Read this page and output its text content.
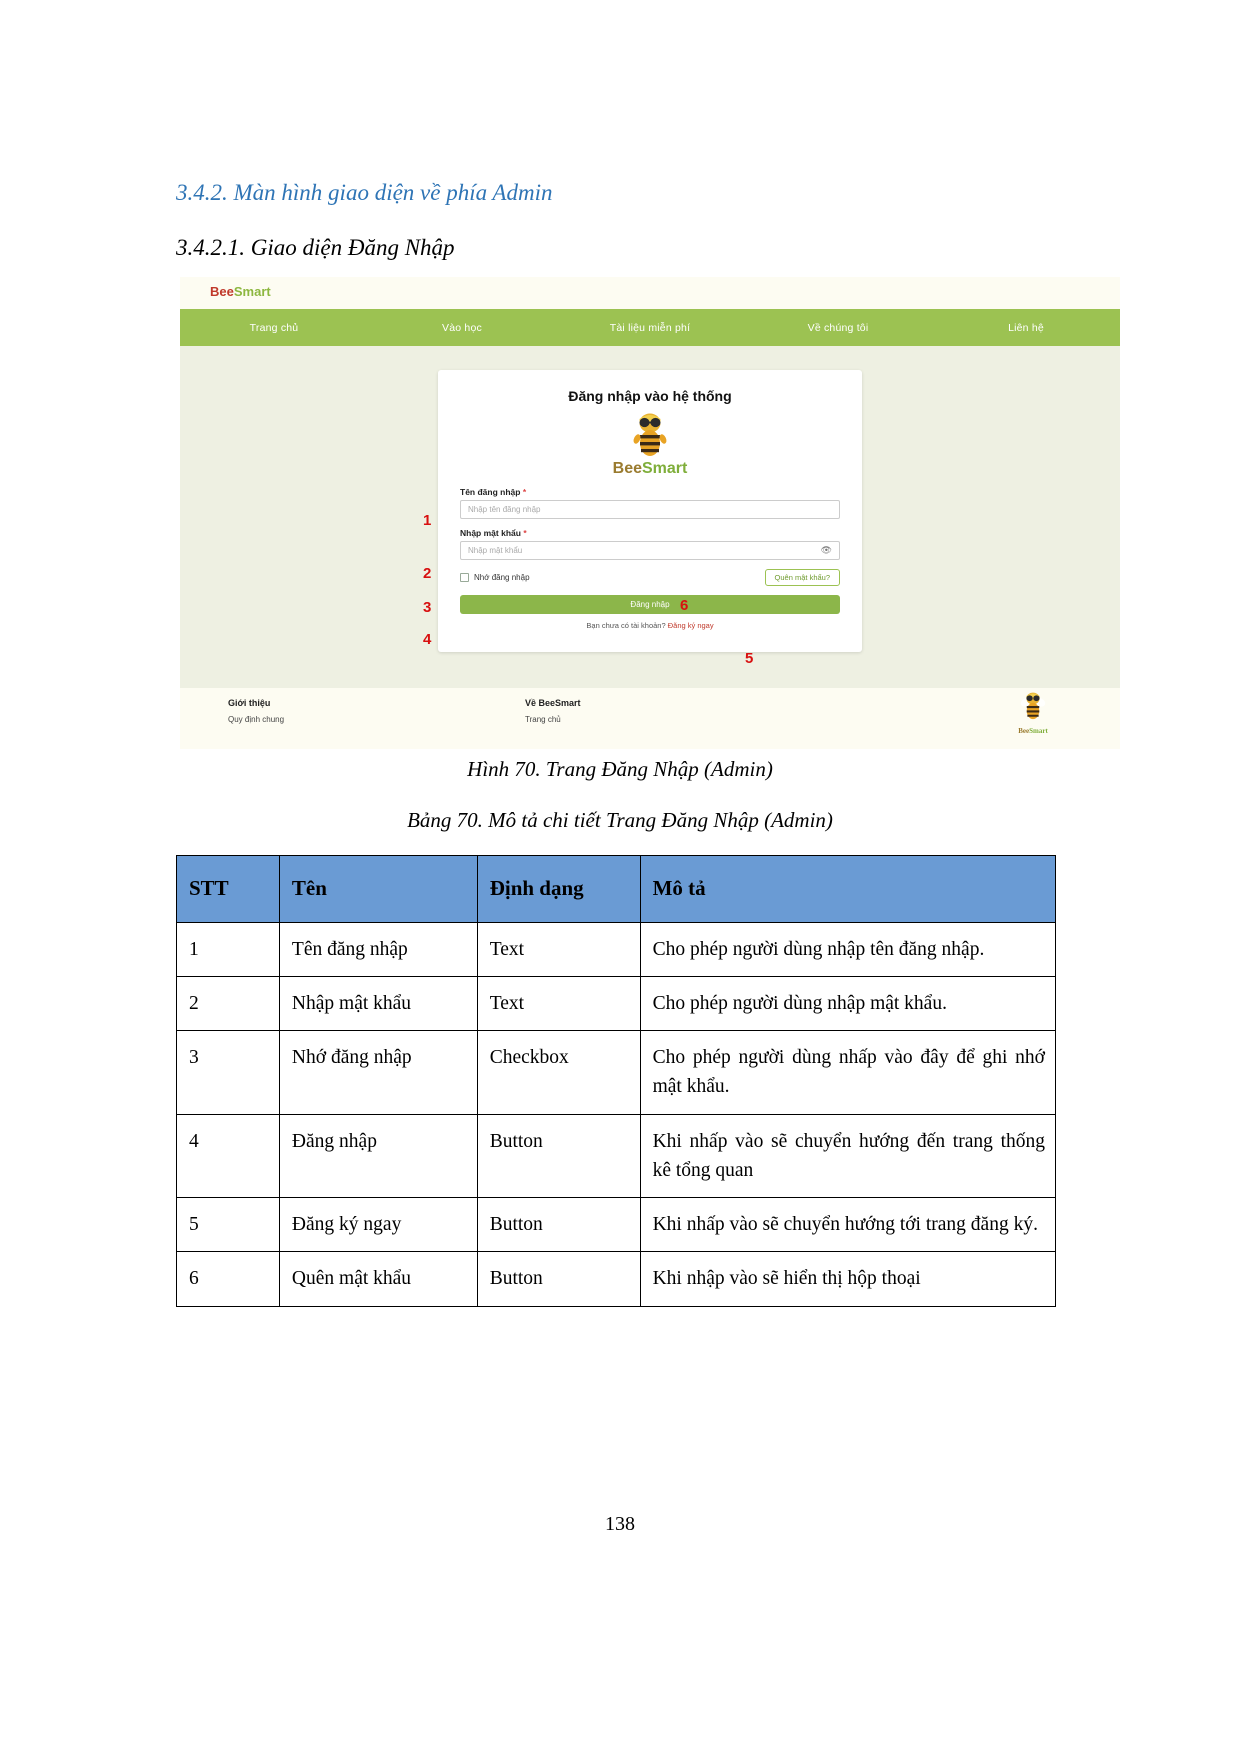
3.4.2. Màn hình giao diện về phía Admin
3.4.2.1. Giao diện Đăng Nhập
BeeSmart
Trang chủ	Vào học	Tài liệu miễn phí	Về chúng tôi	Liên hệ
Đăng nhập vào hệ thống
BeeSmart
Tên đăng nhập *
Nhập tên đăng nhập
Nhập mật khẩu *
Nhập mật khẩu	👁
Nhớ đăng nhập	Quên mật khẩu?
Đăng nhập
Bạn chưa có tài khoản? Đăng ký ngay
1
2
3
4
5
6
Giới thiệu
Quy định chung
Về BeeSmart
Trang chủ
BeeSmart
Hình 70. Trang Đăng Nhập (Admin)
Bảng 70. Mô tả chi tiết Trang Đăng Nhập (Admin)
STT	Tên	Định dạng	Mô tả
1	Tên đăng nhập	Text	Cho phép người dùng nhập tên đăng nhập.
2	Nhập mật khẩu	Text	Cho phép người dùng nhập mật khẩu.
3	Nhớ đăng nhập	Checkbox	Cho phép người dùng nhấp vào đây để ghi nhớ mật khẩu.
4	Đăng nhập	Button	Khi nhấp vào sẽ chuyển hướng đến trang thống kê tổng quan
5	Đăng ký ngay	Button	Khi nhấp vào sẽ chuyển hướng tới trang đăng ký.
6	Quên mật khẩu	Button	Khi nhập vào sẽ hiển thị hộp thoại
138
